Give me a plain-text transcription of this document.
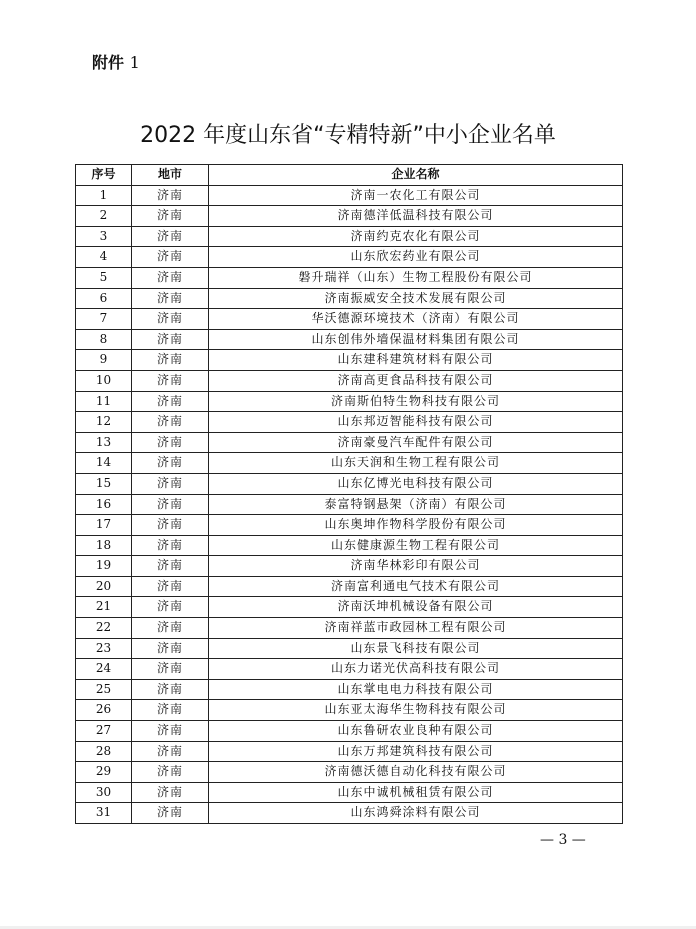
附件 1
2022 年度山东省“专精特新”中小企业名单
序号	地市	企业名称
1	济南	济南一农化工有限公司
2	济南	济南德洋低温科技有限公司
3	济南	济南约克农化有限公司
4	济南	山东欣宏药业有限公司
5	济南	磐升瑞祥（山东）生物工程股份有限公司
6	济南	济南振威安全技术发展有限公司
7	济南	华沃德源环境技术（济南）有限公司
8	济南	山东创伟外墙保温材料集团有限公司
9	济南	山东建科建筑材料有限公司
10	济南	济南高更食品科技有限公司
11	济南	济南斯伯特生物科技有限公司
12	济南	山东邦迈智能科技有限公司
13	济南	济南豪曼汽车配件有限公司
14	济南	山东天润和生物工程有限公司
15	济南	山东亿博光电科技有限公司
16	济南	泰富特钢悬架（济南）有限公司
17	济南	山东奥坤作物科学股份有限公司
18	济南	山东健康源生物工程有限公司
19	济南	济南华林彩印有限公司
20	济南	济南富利通电气技术有限公司
21	济南	济南沃坤机械设备有限公司
22	济南	济南祥蓝市政园林工程有限公司
23	济南	山东景飞科技有限公司
24	济南	山东力诺光伏高科技有限公司
25	济南	山东掌电电力科技有限公司
26	济南	山东亚太海华生物科技有限公司
27	济南	山东鲁研农业良种有限公司
28	济南	山东万邦建筑科技有限公司
29	济南	济南德沃德自动化科技有限公司
30	济南	山东中诚机械租赁有限公司
31	济南	山东鸿舜涂料有限公司
— 3 —
